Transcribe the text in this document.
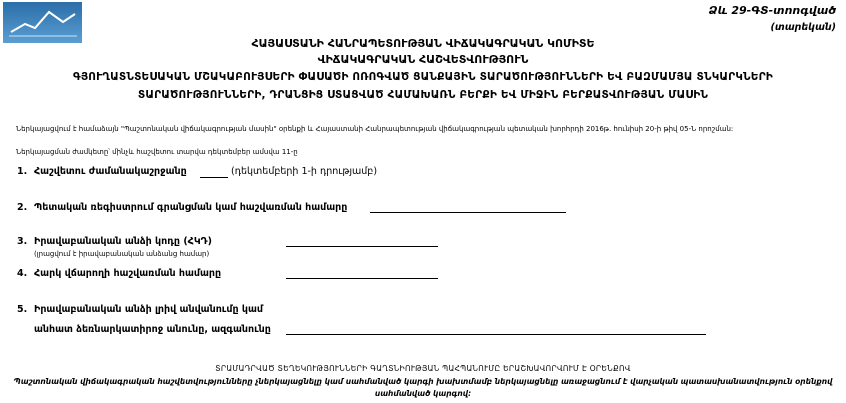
Ձև 29-ԳՏ-տոոգված
(տարեկան)
ՀԱՅԱՍՏԱՆԻ ՀԱՆՐԱՊԵՏՈՒԹՅԱՆ ՎԻՃԱԿԱԳՐԱԿԱՆ ԿՈՄԻՏԵ
ՎԻՃԱԿԱԳՐԱԿԱՆ ՀԱՇՎԵՏՎՈՒԹՅՈՒՆ
ԳՅՈՒՂԱՏՆՏԵՍԱԿԱՆ ՄՇԱԿԱԲՈՒՅՍԵՐԻ ՓԱՍԱԾԻ ՈՌՈԳՎԱԾ ՑԱՆՔԱՅԻՆ ՏԱՐԱԾՈՒԹՅՈՒՆՆԵՐԻ ԵՎ ԲԱԶՄԱՄՅԱ ՏՆԿԱՐԿՆԵՐԻ
ՏԱՐԱԾՈՒԹՅՈՒՆՆԵՐԻ, ԴՐԱՆՑԻՑ ՍՏԱՑՎԱԾ ՀԱՄԱԽԱՌՆ ԲԵՐՔԻ ԵՎ ՄԻՋԻՆ ԲԵՐՔԱՏՎՈՒԹՅԱՆ ՄԱՍԻՆ
Ներկայացվում է համաձայն "Պաշտոնական վիճակագրության մասին" օրենքի և Հայաստանի Հանրապետության վիճակագրության պետական խորհրդի 2016թ. հունիսի 20-ի թիվ 05-Ն որոշման:
Ներկայացման ժամկետը՝ մինչև հաշվետու տարվա դեկտեմբեր ամսվա 11-ը
1. Հաշվետու ժամանակաշրջանը	(դեկտեմբերի 1-ի դրությամբ)
2. Պետական ռեգիստրում գրանցման կամ հաշվառման համարը
3. Իրավաբանական անձի կոդը (ՀԿԴ)
(լրացվում է իրավաբանական անձանց համար)
4. Հարկ վճարողի հաշվառման համարը
5. Իրավաբանական անձի լրիվ անվանումը կամ
անհատ ձեռնարկատիրոջ անունը, ազգանունը
ՏՐԱՄԱԴՐՎԱԾ ՏԵՂԵԿՈՒԹՅՈՒՆՆԵՐԻ ԳԱՂՏՆԻՈՒԹՅԱՆ ՊԱՀՊԱՆՈՒՄԸ ԵՐԱՇԽԱՎՈՐՎՈՒՄ Է ՕՐԵՆՔՈՎ
Պաշտոնական վիճակագրական հաշվետվությունները չներկայացնելը կամ սահմանված կարգի խախտմամբ ներկայացնելը առաջացնում է վարչական պատասխանատվություն օրենքով
սահմանված կարգով:
